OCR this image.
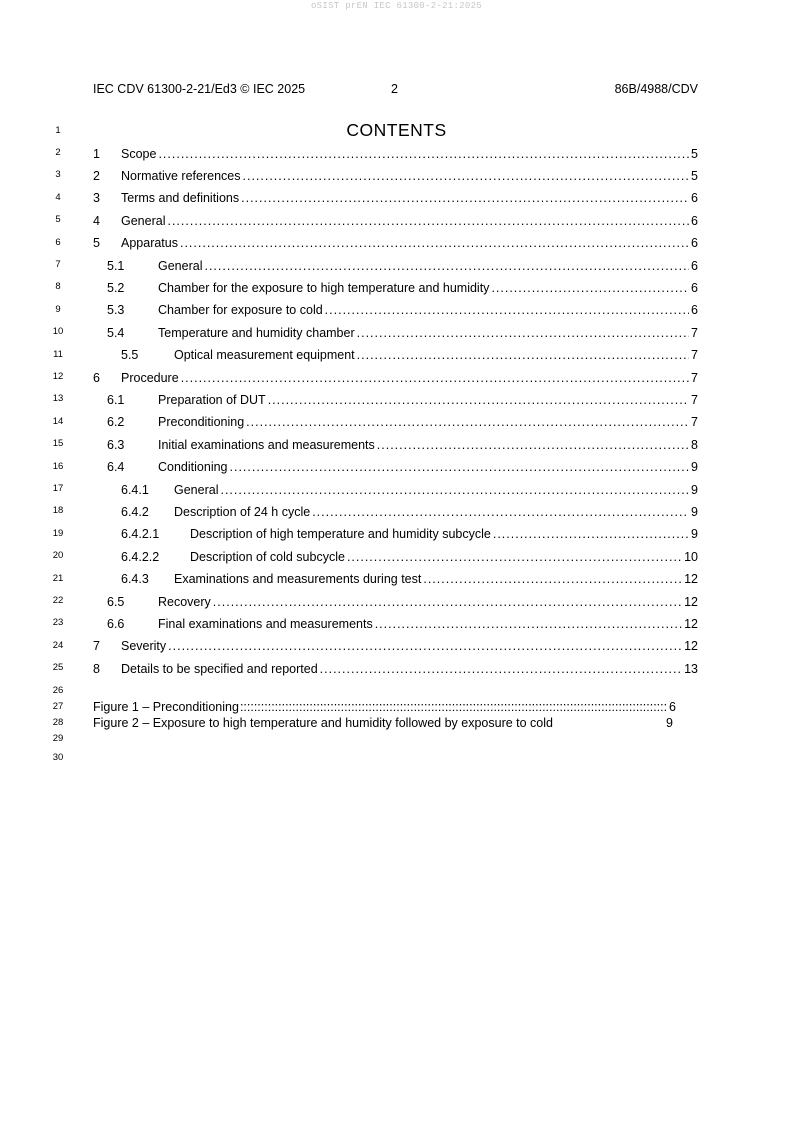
oSIST prEN IEC 61300-2-21:2025
IEC CDV 61300-2-21/Ed3 © IEC 2025	2	86B/4988/CDV
1
2
3
4
5
6
7
8
9
10
11
12
13
14
15
16
17
18
19
20
21
22
23
24
25
26
27
28
29
30
CONTENTS
1 Scope .....	5
2 Normative references .....	5
3 Terms and definitions .....	6
4 General .....	6
5 Apparatus .....	6
5.1	General .....	6
5.2	Chamber for the exposure to high temperature and humidity .....	6
5.3	Chamber for exposure to cold .....	6
5.4	Temperature and humidity chamber .....	7
5.5	Optical measurement equipment .....	7
6 Procedure .....	7
6.1	Preparation of DUT .....	7
6.2	Preconditioning .....	7
6.3	Initial examinations and measurements .....	8
6.4	Conditioning .....	9
6.4.1 General .....	9
6.4.2 Description of 24 h cycle .....	9
6.4.2.1 Description of high temperature and humidity subcycle .....	9
6.4.2.2 Description of cold subcycle .....	10
6.4.3 Examinations and measurements during test .....	12
6.5	Recovery .....	12
6.6	Final examinations and measurements .....	12
7 Severity .....	12
8 Details to be specified and reported .....	13
Figure 1 – Preconditioning ::::::::::::::::::::::::::::::::::::::::::::::::::::::::::::::::::::::::::::::::::::::::::::::::::::::::::::::::::::::::::::::::::::::::::::::::::::::::::::::::::::::::::::::::::::::::::::::::::::::::::::::	6
Figure 2 – Exposure to high temperature and humidity followed by exposure to cold	9
